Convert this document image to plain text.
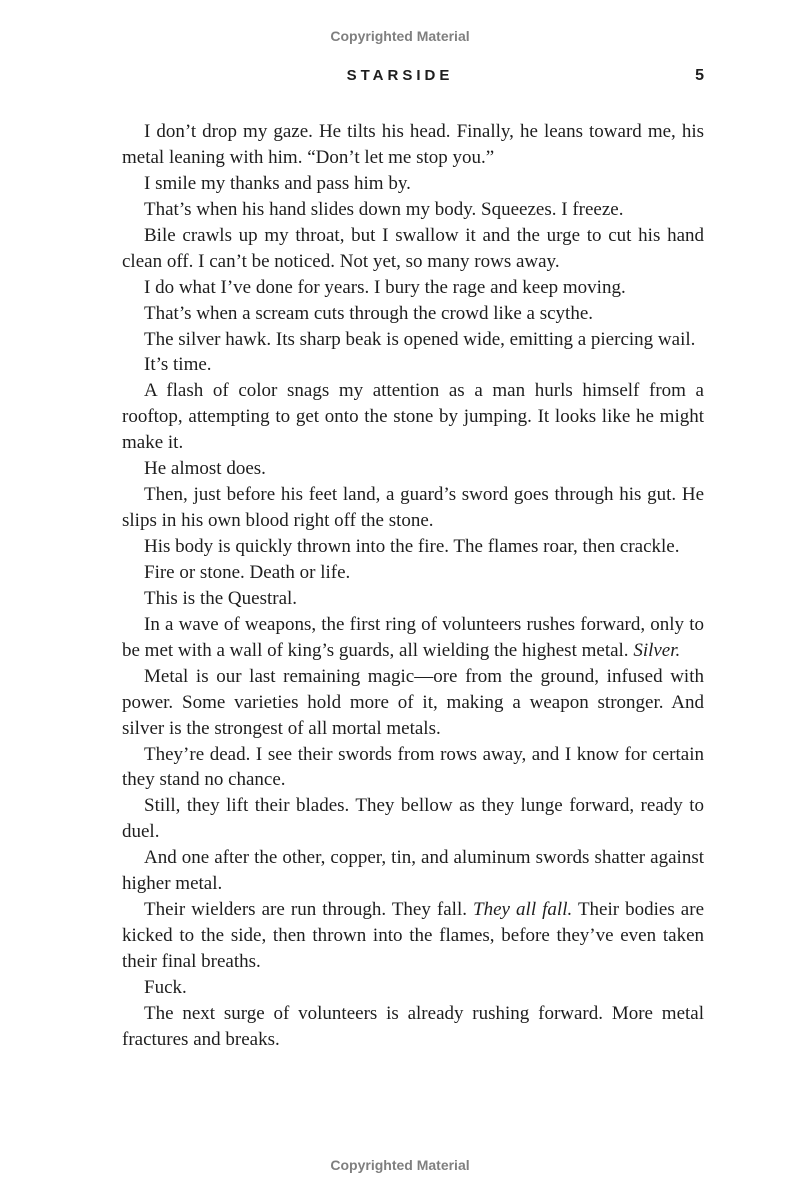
Copyrighted Material
STARSIDE	5

I don’t drop my gaze. He tilts his head. Finally, he leans toward me, his metal leaning with him. “Don’t let me stop you.”

I smile my thanks and pass him by.

That’s when his hand slides down my body. Squeezes. I freeze.

Bile crawls up my throat, but I swallow it and the urge to cut his hand clean off. I can’t be noticed. Not yet, so many rows away.

I do what I’ve done for years. I bury the rage and keep moving.

That’s when a scream cuts through the crowd like a scythe.

The silver hawk. Its sharp beak is opened wide, emitting a piercing wail.

It’s time.

A flash of color snags my attention as a man hurls himself from a rooftop, attempting to get onto the stone by jumping. It looks like he might make it.

He almost does.

Then, just before his feet land, a guard’s sword goes through his gut. He slips in his own blood right off the stone.

His body is quickly thrown into the fire. The flames roar, then crackle.

Fire or stone. Death or life.

This is the Questral.

In a wave of weapons, the first ring of volunteers rushes forward, only to be met with a wall of king’s guards, all wielding the highest metal. Silver.

Metal is our last remaining magic—ore from the ground, infused with power. Some varieties hold more of it, making a weapon stronger. And silver is the strongest of all mortal metals.

They’re dead. I see their swords from rows away, and I know for certain they stand no chance.

Still, they lift their blades. They bellow as they lunge forward, ready to duel.

And one after the other, copper, tin, and aluminum swords shatter against higher metal.

Their wielders are run through. They fall. They all fall. Their bodies are kicked to the side, then thrown into the flames, before they’ve even taken their final breaths.

Fuck.

The next surge of volunteers is already rushing forward. More metal fractures and breaks.

Copyrighted Material
